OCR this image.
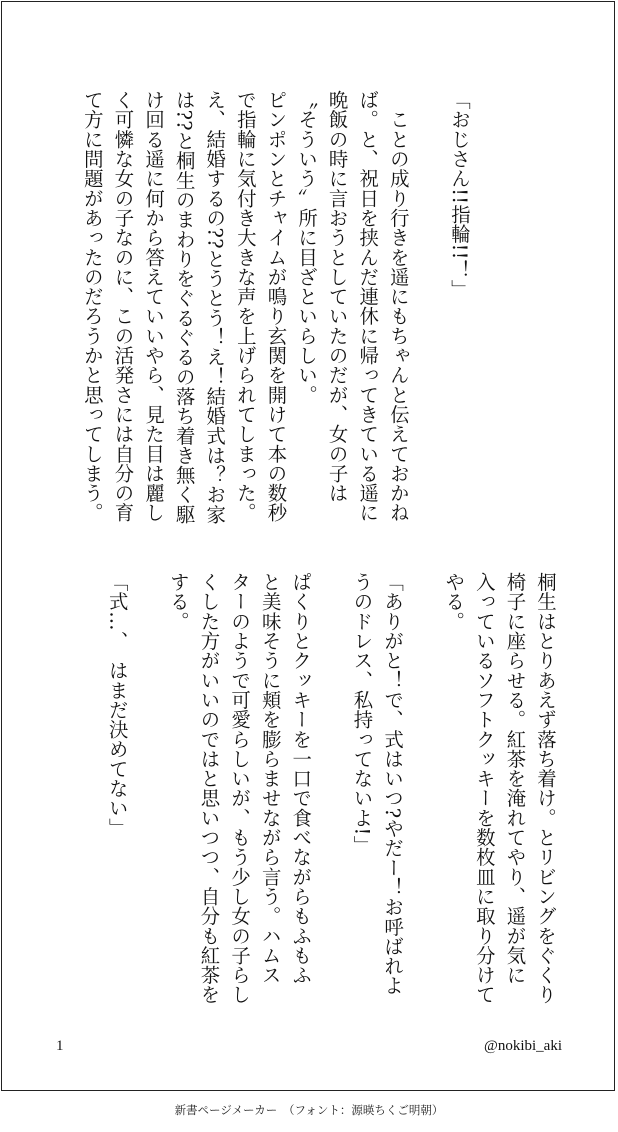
「おじさん!!指輪!!！」

　ことの成り行きを遥にもちゃんと伝えておかね
ば。と、祝日を挟んだ連休に帰ってきている遥に
晩飯の時に言おうとしていたのだが、女の子は
〝そういう〟所に目ざといらしい。
ピンポンとチャイムが鳴り玄関を開けて本の数秒
で指輪に気付き大きな声を上げられてしまった。
え、結婚するの??とうとう！え！結婚式は？お家
は??と桐生のまわりをぐるぐるの落ち着き無く駆
け回る遥に何から答えていいやら、見た目は麗し
く可憐な女の子なのに、この活発さには自分の育
て方に問題があったのだろうかと思ってしまう。
桐生はとりあえず落ち着け。とリビングをぐくり
椅子に座らせる。紅茶を淹れてやり、遥が気に
入っているソフトクッキーを数枚皿に取り分けて
やる。

「ありがと！で、式はいつ?やだー！お呼ばれよ
うのドレス、私持ってないよ!」

ぱくりとクッキーを一口で食べながらもふもふ
と美味そうに頬を膨らませながら言う。ハムス
ターのようで可愛らしいが、もう少し女の子らし
くした方がいいのではと思いつつ、自分も紅茶を
する。

「式…、　はまだ決めてない」
1	@nokibi_aki
新書ページメーカー　（フォント：源暎ちくご明朝）
